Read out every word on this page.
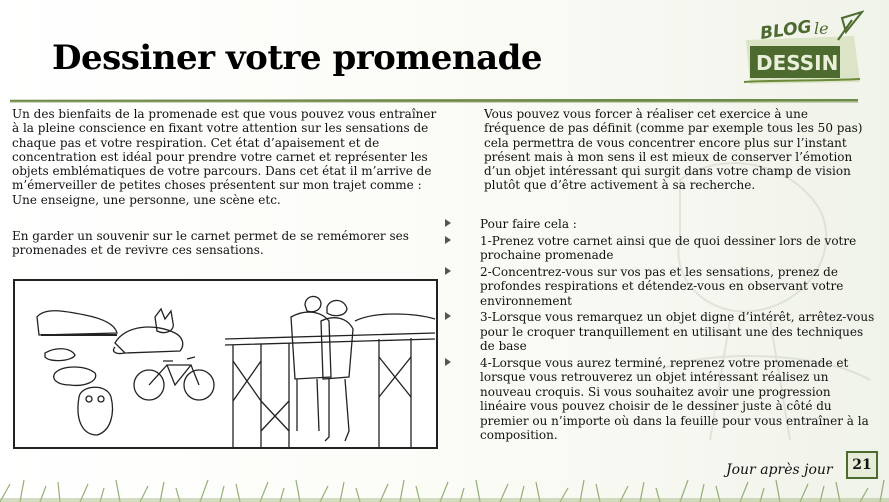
Dessiner votre promenade
BLOG le
DESSIN

Un des bienfaits de la promenade est que vous pouvez vous entraîner à la pleine conscience en fixant votre attention sur les sensations de chaque pas et votre respiration. Cet état d’apaisement et de concentration est idéal pour prendre votre carnet et représenter les objets emblématiques de votre parcours. Dans cet état il m’arrive de m’émerveiller de petites choses présentent sur mon trajet comme : Une enseigne, une personne, une scène etc.

En garder un souvenir sur le carnet permet de se remémorer ses promenades et de revivre ces sensations.

Vous pouvez vous forcer à réaliser cet exercice à une fréquence de pas définit (comme par exemple tous les 50 pas) cela permettra de vous concentrer encore plus sur l’instant présent mais à mon sens il est mieux de conserver l’émotion d’un objet intéressant qui surgit dans votre champ de vision plutôt que d’être activement à sa recherche.

Pour faire cela :
1-Prenez votre carnet ainsi que de quoi dessiner lors de votre prochaine promenade
2-Concentrez-vous sur vos pas et les sensations, prenez de profondes respirations et détendez-vous en observant votre environnement
3-Lorsque vous remarquez un objet digne d’intérêt, arrêtez-vous pour le croquer tranquillement en utilisant une des techniques de base
4-Lorsque vous aurez terminé, reprenez votre promenade et lorsque vous retrouverez un objet intéressant réalisez un nouveau croquis. Si vous souhaitez avoir une progression linéaire vous pouvez choisir de le dessiner juste à côté du premier ou n’importe où dans la feuille pour vous entraîner à la composition.
Jour après jour	21
